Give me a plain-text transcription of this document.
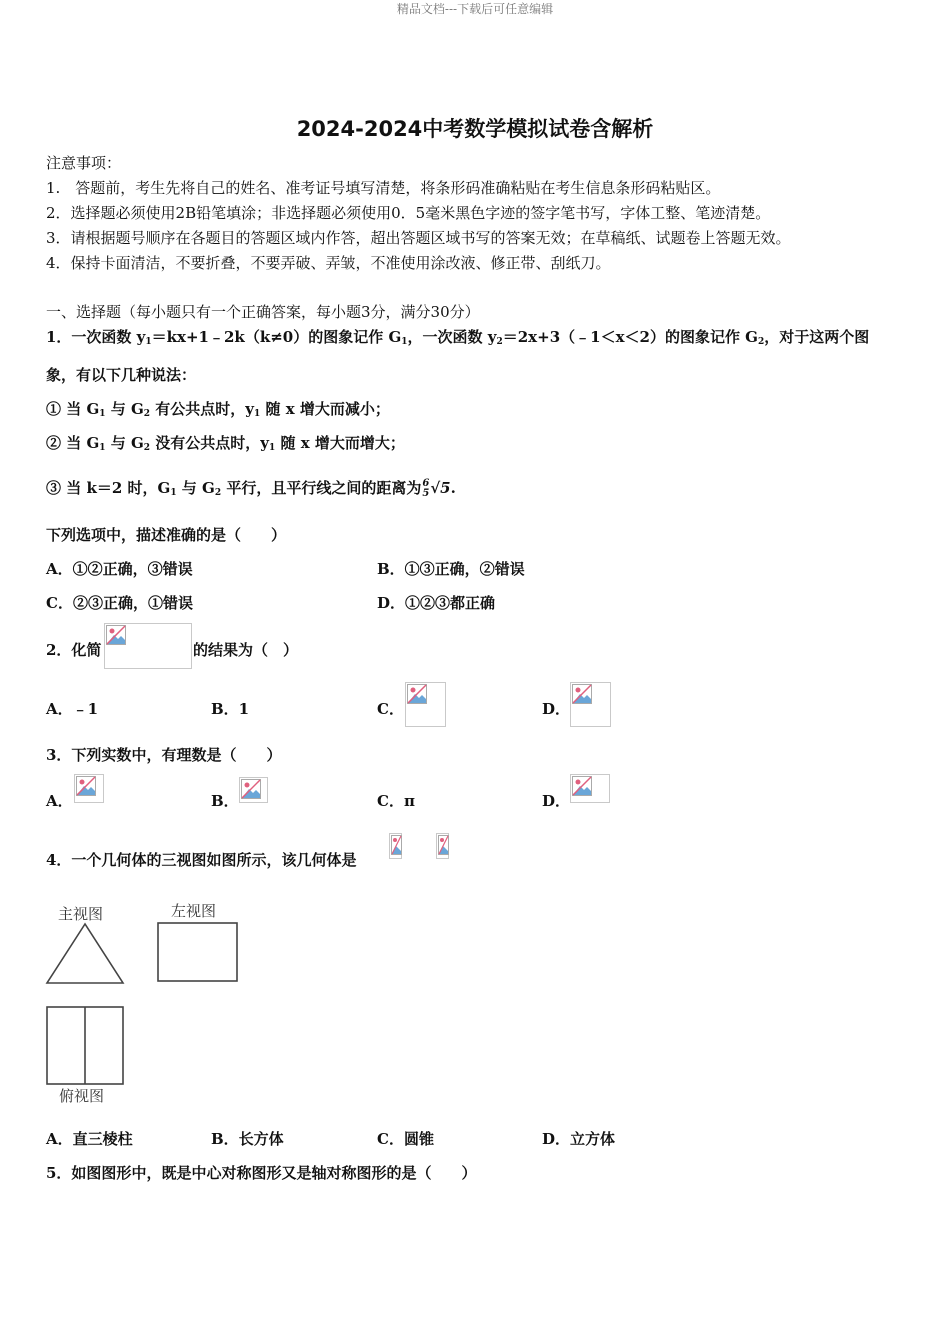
精品文档---下载后可任意编辑
2024-2024中考数学模拟试卷含解析
注意事项：
1.　答题前，考生先将自己的姓名、准考证号填写清楚，将条形码准确粘贴在考生信息条形码粘贴区。
2．选择题必须使用2B铅笔填涂；非选择题必须使用0．5毫米黑色字迹的签字笔书写，字体工整、笔迹清楚。
3．请根据题号顺序在各题目的答题区域内作答，超出答题区域书写的答案无效；在草稿纸、试题卷上答题无效。
4．保持卡面清洁，不要折叠，不要弄破、弄皱，不准使用涂改液、修正带、刮纸刀。
一、选择题（每小题只有一个正确答案，每小题3分，满分30分）
1．一次函数 $y_1=kx+1﹣2k(k\ne 0)$的图象记作 $G_1$，一次函数 $y_2=2x+3(﹣1<x<2)$的图象记作 $G_2$，对于这两个图
象，有以下几种说法：
① 当 $G_1$ 与 $G_2$ 有公共点时，$y_1$ 随 x 增大而减小；
② 当 $G_1$ 与 $G_2$ 没有公共点时，$y_1$ 随 x 增大而增大；
③ 当 k＝2 时，$G_1$ 与 $G_2$ 平行，且平行线之间的距离为 6
5 √5.
下列选项中，描述准确的是（　　）
A．①②正确，③错误	B．①③正确，②错误
C．②③正确，①错误	D．①②③都正确
2．化简	的结果为（　）
A．﹣1	B．1	C．	D．
3．下列实数中，有理数是（　　）
A．	B．	C．π	D．
4．一个几何体的三视图如图所示，该几何体是
主视图	左视图
俯视图
A．直三棱柱	B．长方体	C．圆锥	D．立方体
5．如图图形中，既是中心对称图形又是轴对称图形的是（　　）
